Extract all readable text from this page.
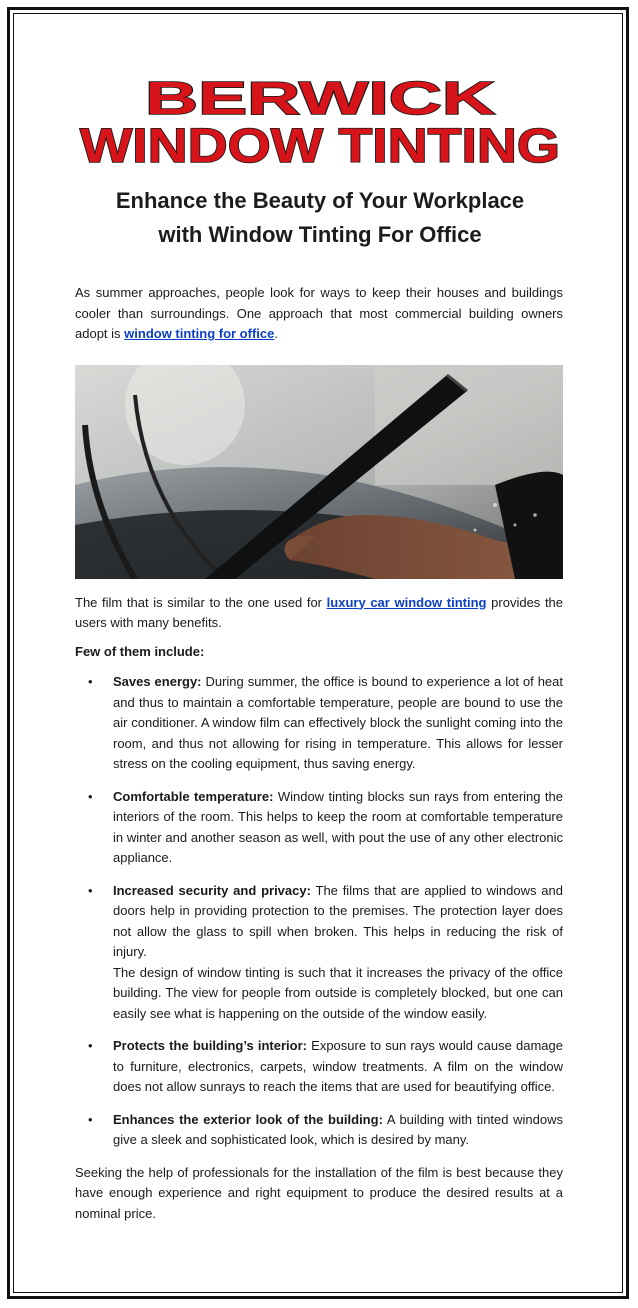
BERWICK
WINDOW TINTING
Enhance the Beauty of Your Workplace
with Window Tinting For Office

As summer approaches, people look for ways to keep their houses and buildings cooler than surroundings. One approach that most commercial building owners adopt is window tinting for office.

The film that is similar to the one used for luxury car window tinting provides the users with many benefits.

Few of them include:

• Saves energy: During summer, the office is bound to experience a lot of heat and thus to maintain a comfortable temperature, people are bound to use the air conditioner. A window film can effectively block the sunlight coming into the room, and thus not allowing for rising in temperature. This allows for lesser stress on the cooling equipment, thus saving energy.
• Comfortable temperature: Window tinting blocks sun rays from entering the interiors of the room. This helps to keep the room at comfortable temperature in winter and another season as well, with pout the use of any other electronic appliance.
• Increased security and privacy: The films that are applied to windows and doors help in providing protection to the premises. The protection layer does not allow the glass to spill when broken. This helps in reducing the risk of injury.
The design of window tinting is such that it increases the privacy of the office building. The view for people from outside is completely blocked, but one can easily see what is happening on the outside of the window easily.
• Protects the building’s interior: Exposure to sun rays would cause damage to furniture, electronics, carpets, window treatments. A film on the window does not allow sunrays to reach the items that are used for beautifying office.
• Enhances the exterior look of the building: A building with tinted windows give a sleek and sophisticated look, which is desired by many.

Seeking the help of professionals for the installation of the film is best because they have enough experience and right equipment to produce the desired results at a nominal price.
